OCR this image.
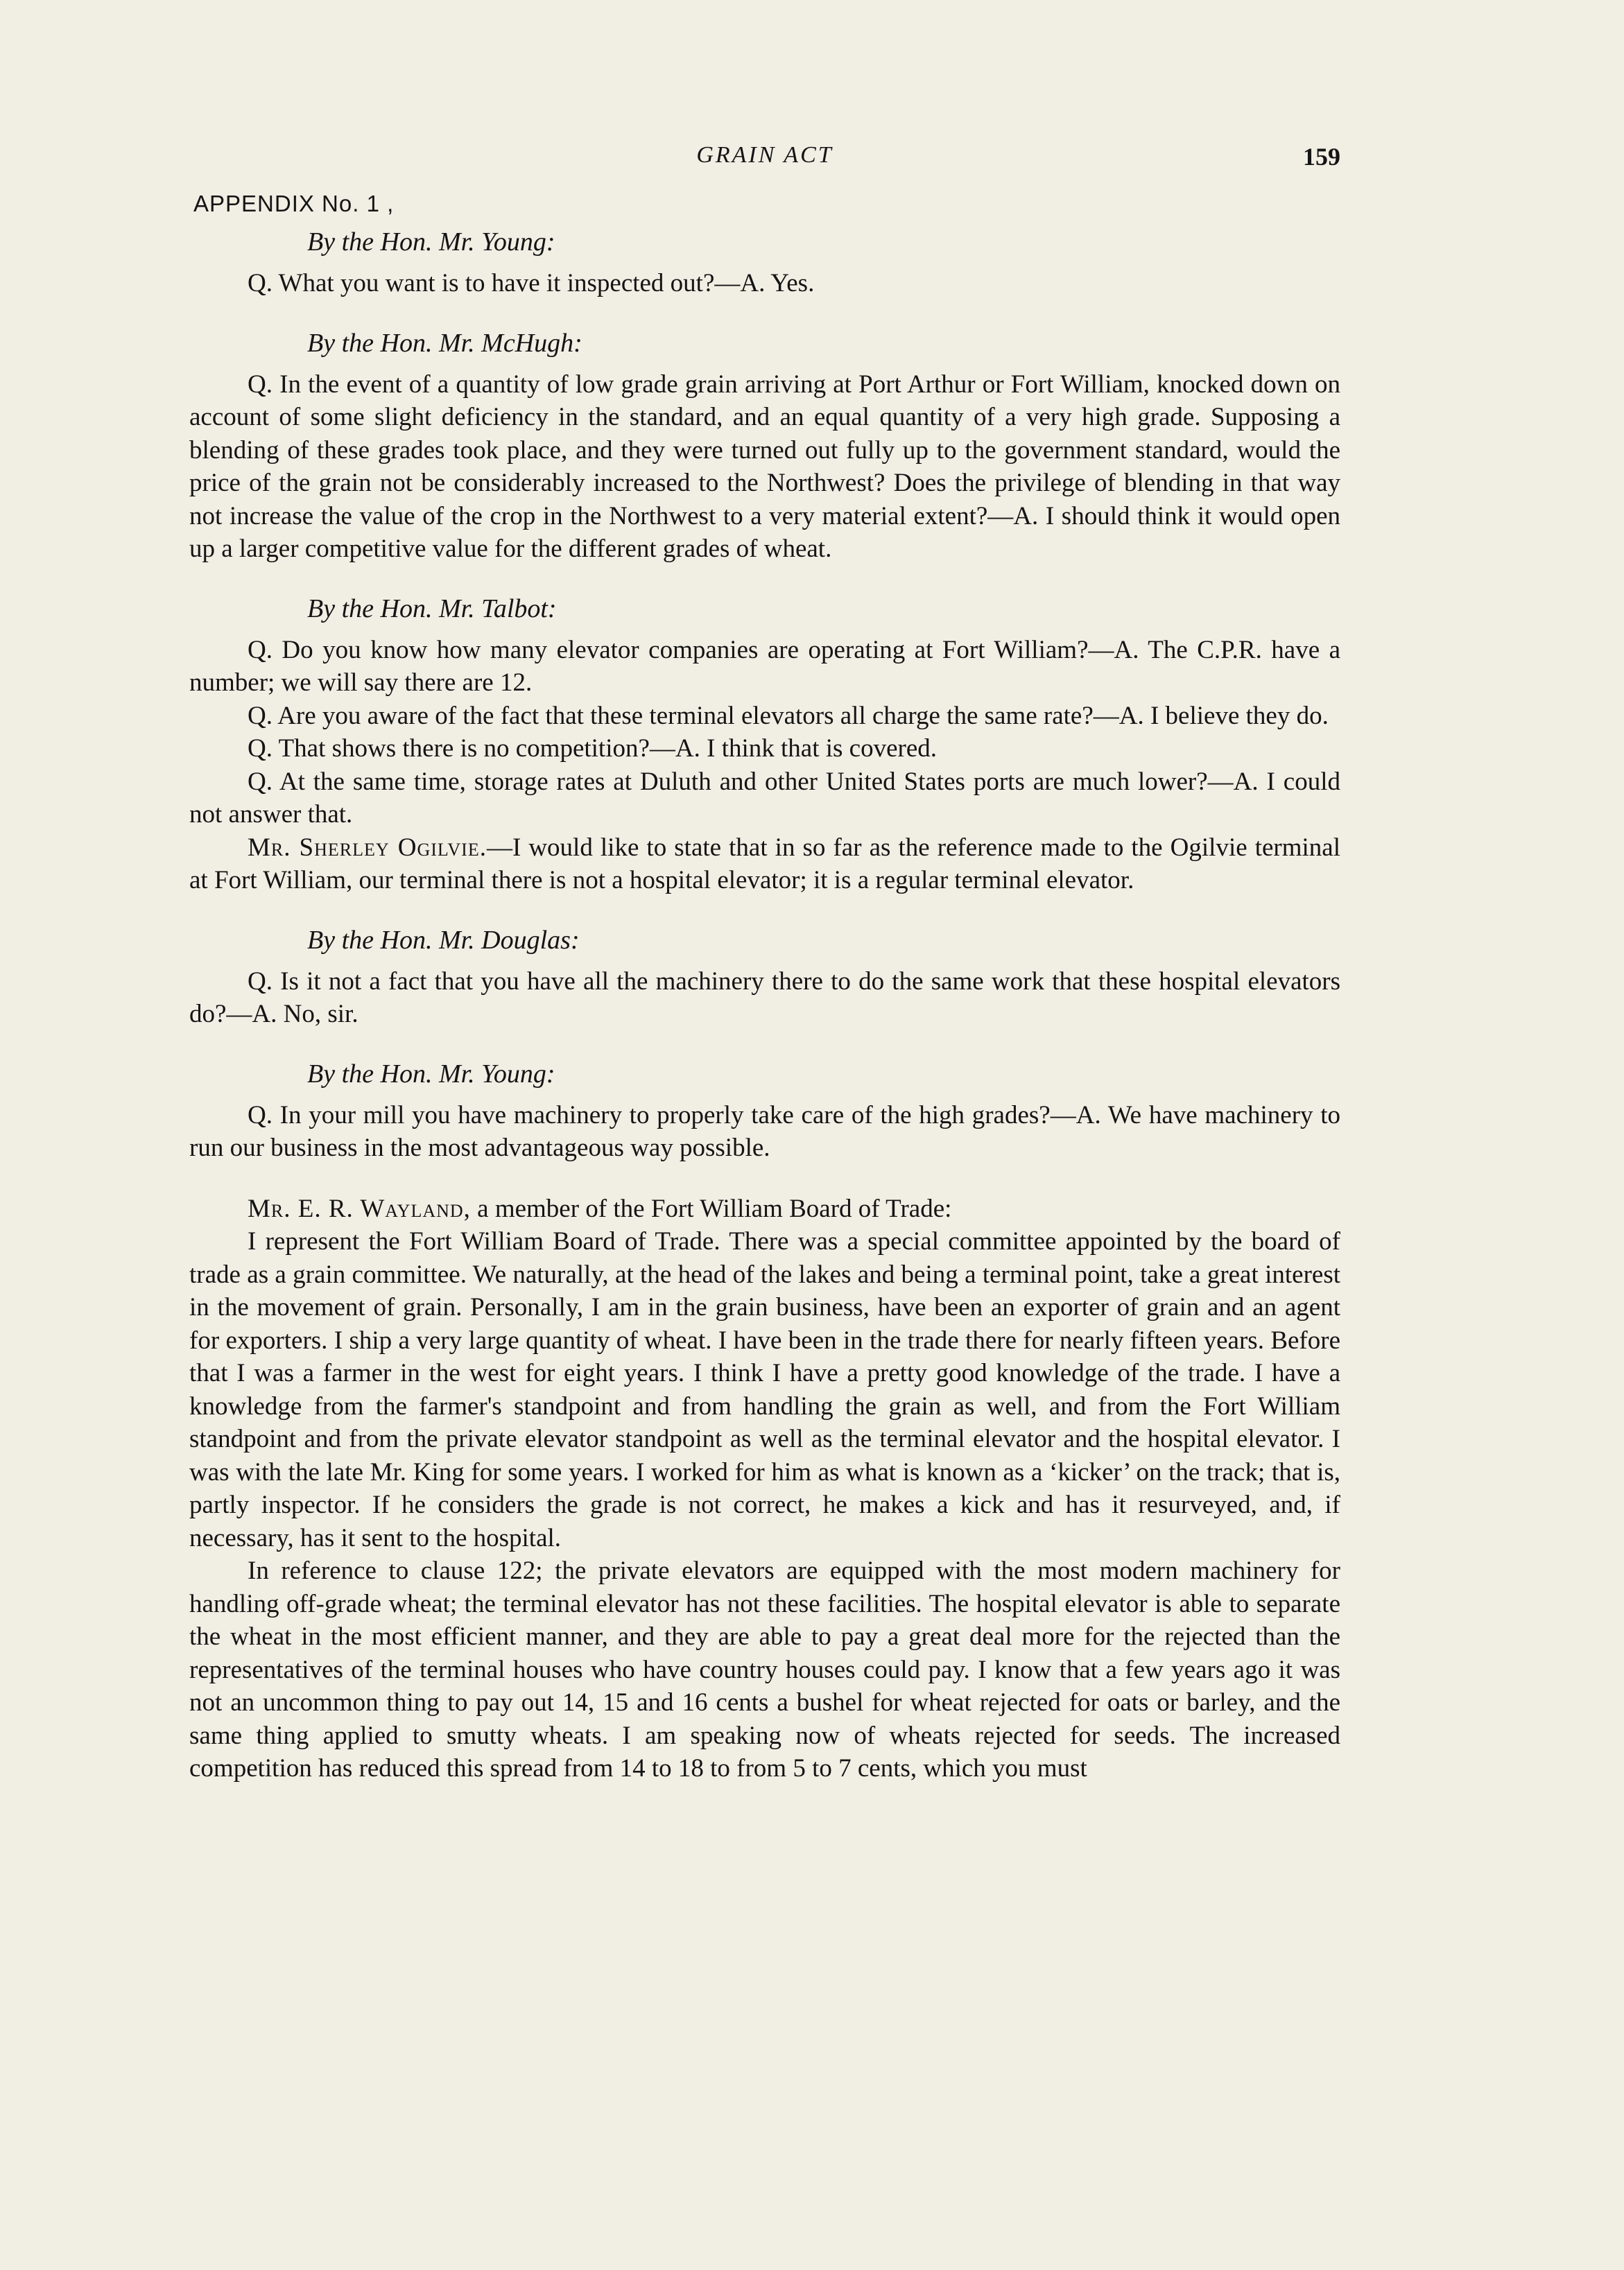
GRAIN ACT	159
APPENDIX No. 1 ,
By the Hon. Mr. Young:

Q. What you want is to have it inspected out?—A. Yes.

By the Hon. Mr. McHugh:

Q. In the event of a quantity of low grade grain arriving at Port Arthur or Fort William, knocked down on account of some slight deficiency in the standard, and an equal quantity of a very high grade. Supposing a blending of these grades took place, and they were turned out fully up to the government standard, would the price of the grain not be considerably increased to the Northwest? Does the privilege of blending in that way not increase the value of the crop in the Northwest to a very material extent?—A. I should think it would open up a larger competitive value for the different grades of wheat.

By the Hon. Mr. Talbot:

Q. Do you know how many elevator companies are operating at Fort William?—A. The C.P.R. have a number; we will say there are 12.

Q. Are you aware of the fact that these terminal elevators all charge the same rate?—A. I believe they do.

Q. That shows there is no competition?—A. I think that is covered.

Q. At the same time, storage rates at Duluth and other United States ports are much lower?—A. I could not answer that.

Mr. Sherley Ogilvie.—I would like to state that in so far as the reference made to the Ogilvie terminal at Fort William, our terminal there is not a hospital elevator; it is a regular terminal elevator.

By the Hon. Mr. Douglas:

Q. Is it not a fact that you have all the machinery there to do the same work that these hospital elevators do?—A. No, sir.

By the Hon. Mr. Young:

Q. In your mill you have machinery to properly take care of the high grades?—A. We have machinery to run our business in the most advantageous way possible.

Mr. E. R. Wayland, a member of the Fort William Board of Trade:

I represent the Fort William Board of Trade. There was a special committee appointed by the board of trade as a grain committee. We naturally, at the head of the lakes and being a terminal point, take a great interest in the movement of grain. Personally, I am in the grain business, have been an exporter of grain and an agent for exporters. I ship a very large quantity of wheat. I have been in the trade there for nearly fifteen years. Before that I was a farmer in the west for eight years. I think I have a pretty good knowledge of the trade. I have a knowledge from the farmer's standpoint and from handling the grain as well, and from the Fort William standpoint and from the private elevator standpoint as well as the terminal elevator and the hospital elevator. I was with the late Mr. King for some years. I worked for him as what is known as a ‘kicker’ on the track; that is, partly inspector. If he considers the grade is not correct, he makes a kick and has it resurveyed, and, if necessary, has it sent to the hospital.

In reference to clause 122; the private elevators are equipped with the most modern machinery for handling off-grade wheat; the terminal elevator has not these facilities. The hospital elevator is able to separate the wheat in the most efficient manner, and they are able to pay a great deal more for the rejected than the representatives of the terminal houses who have country houses could pay. I know that a few years ago it was not an uncommon thing to pay out 14, 15 and 16 cents a bushel for wheat rejected for oats or barley, and the same thing applied to smutty wheats. I am speaking now of wheats rejected for seeds. The increased competition has reduced this spread from 14 to 18 to from 5 to 7 cents, which you must
